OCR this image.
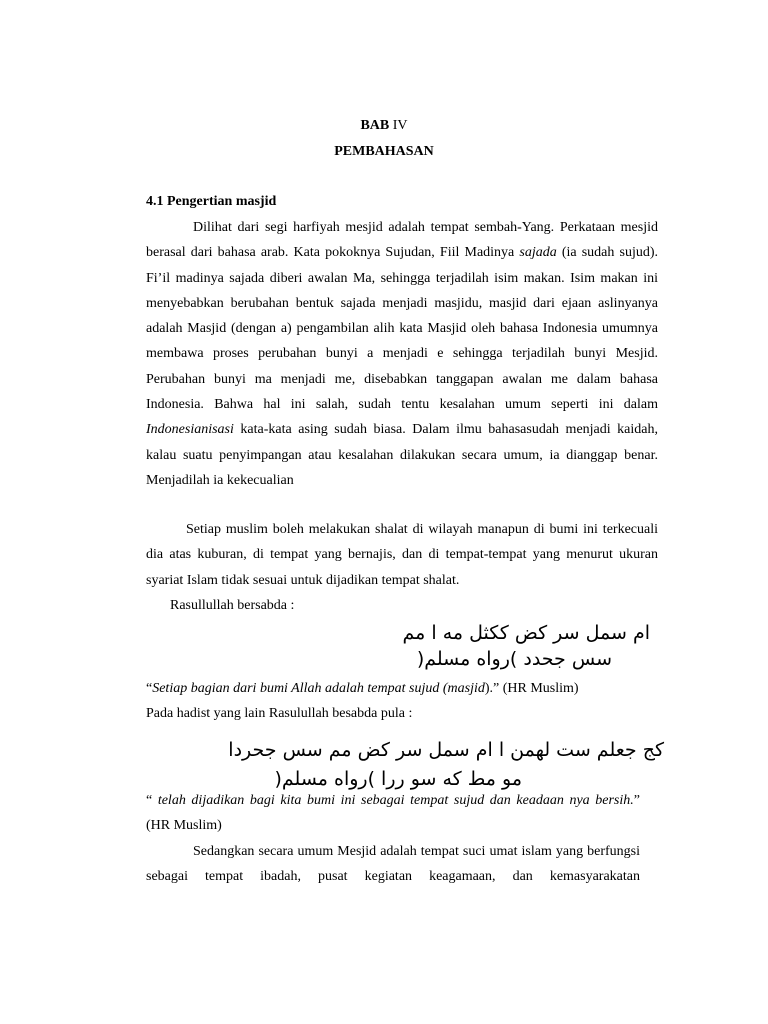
BAB IV
PEMBAHASAN
4.1 Pengertian masjid

Dilihat dari segi harfiyah mesjid adalah tempat sembah-Yang. Perkataan mesjid berasal dari bahasa arab. Kata pokoknya Sujudan, Fiil Madinya sajada (ia sudah sujud). Fi’il madinya sajada diberi awalan Ma, sehingga terjadilah isim makan. Isim makan ini menyebabkan berubahan bentuk sajada menjadi masjidu, masjid dari ejaan aslinyanya adalah Masjid (dengan a) pengambilan alih kata Masjid oleh bahasa Indonesia umumnya membawa proses perubahan bunyi a menjadi e sehingga terjadilah bunyi Mesjid. Perubahan bunyi ma menjadi me, disebabkan tanggapan awalan me dalam bahasa Indonesia. Bahwa hal ini salah, sudah tentu kesalahan umum seperti ini dalam Indonesianisasi kata-kata asing sudah biasa. Dalam ilmu bahasasudah menjadi kaidah, kalau suatu penyimpangan atau kesalahan dilakukan secara umum, ia dianggap benar. Menjadilah ia kekecualian

Setiap muslim boleh melakukan shalat di wilayah manapun di bumi ini terkecuali dia atas kuburan, di tempat yang bernajis, dan di tempat-tempat yang menurut ukuran syariat Islam tidak sesuai untuk dijadikan tempat shalat.

Rasullullah bersabda :
ام سمل سر كض ككثل مه ا مم
سس جحدد )رواه مسلم(
“Setiap bagian dari bumi Allah adalah tempat sujud (masjid).” (HR Muslim)
Pada hadist yang lain Rasulullah besabda pula :
كج جعلم ست لهمن ا ام سمل سر كض مم سس جحردا
مو مط كه سو ررا )رواه مسلم(

“ telah dijadikan bagi kita bumi ini sebagai tempat sujud dan keadaan nya bersih.” (HR Muslim)

Sedangkan secara umum Mesjid adalah tempat suci umat islam yang berfungsi sebagai tempat ibadah, pusat kegiatan keagamaan, dan kemasyarakatan
